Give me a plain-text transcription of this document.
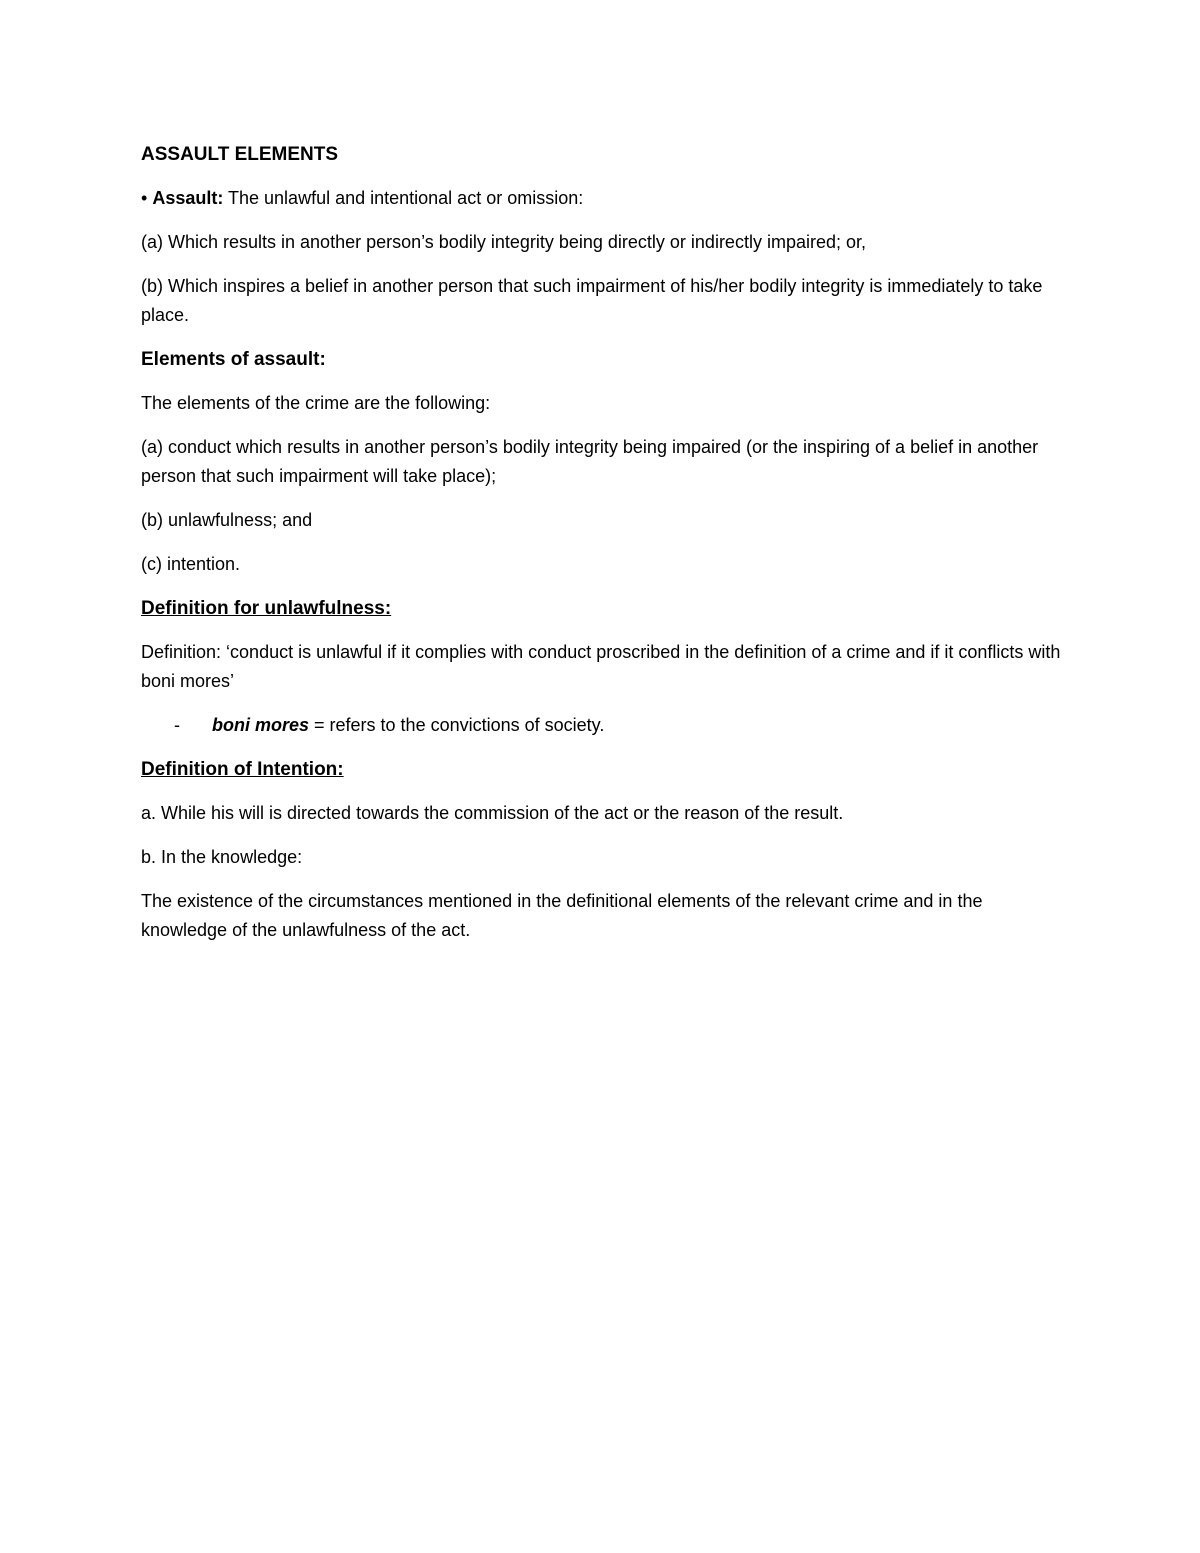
ASSAULT ELEMENTS

• Assault: The unlawful and intentional act or omission:

(a) Which results in another person’s bodily integrity being directly or indirectly impaired; or,

(b) Which inspires a belief in another person that such impairment of his/her bodily integrity is immediately to take place.

Elements of assault:

The elements of the crime are the following:

(a) conduct which results in another person’s bodily integrity being impaired (or the inspiring of a belief in another person that such impairment will take place);

(b) unlawfulness; and

(c) intention.

Definition for unlawfulness:

Definition: ‘conduct is unlawful if it complies with conduct proscribed in the definition of a crime and if it conflicts with boni mores’

-	boni mores = refers to the convictions of society.

Definition of Intention:

a. While his will is directed towards the commission of the act or the reason of the result.

b. In the knowledge:

The existence of the circumstances mentioned in the definitional elements of the relevant crime and in the knowledge of the unlawfulness of the act.
